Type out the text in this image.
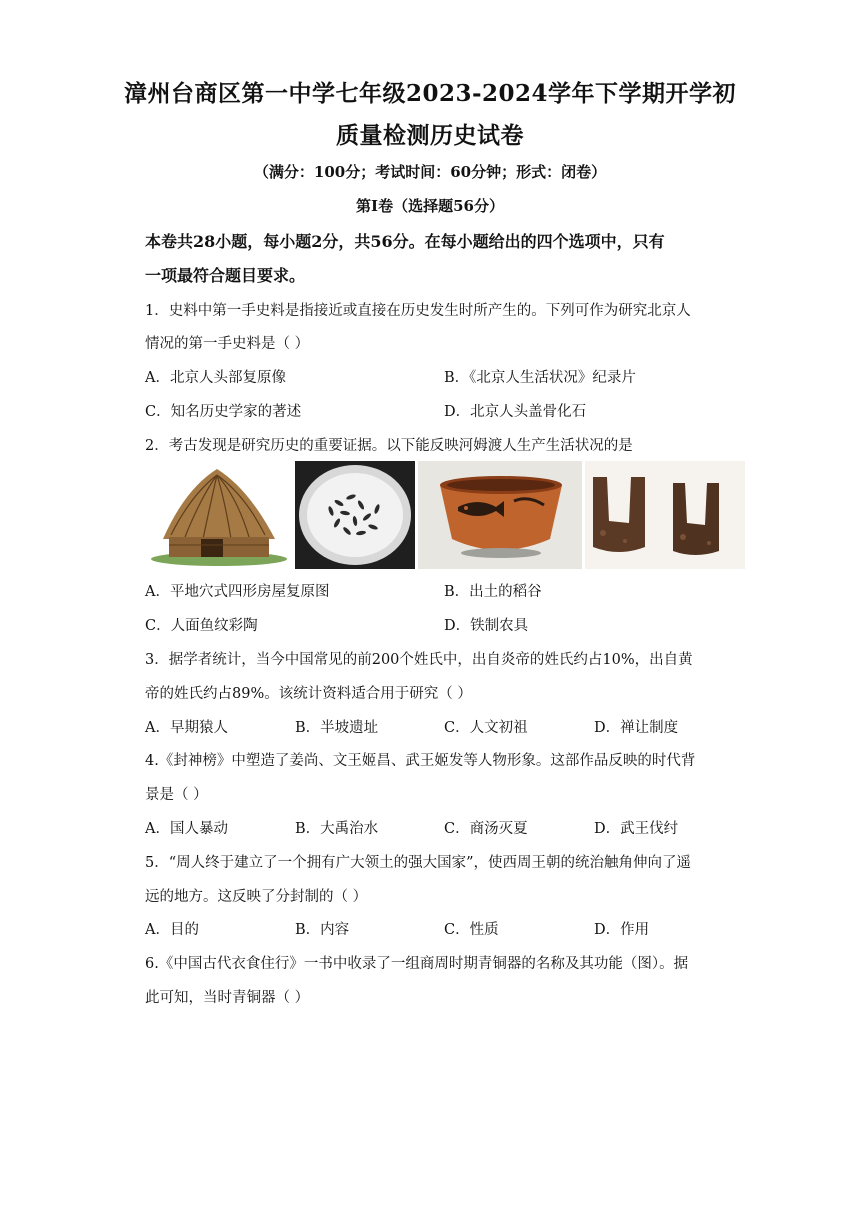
漳州台商区第一中学七年级2023-2024学年下学期开学初
质量检测历史试卷
（满分：100分；考试时间：60分钟；形式：闭卷）
第Ⅰ卷（选择题56分）
本卷共28小题，每小题2分，共56分。在每小题给出的四个选项中，只有
一项最符合题目要求。
1．史料中第一手史料是指接近或直接在历史发生时所产生的。下列可作为研究北京人
情况的第一手史料是（ ）
A．北京人头部复原像	B．《北京人生活状况》纪录片
C．知名历史学家的著述	D．北京人头盖骨化石
2．考古发现是研究历史的重要证据。以下能反映河姆渡人生产生活状况的是
A．平地穴式四形房屋复原图	B．出土的稻谷
C．人面鱼纹彩陶	D．铁制农具
3．据学者统计，当今中国常见的前200个姓氏中，出自炎帝的姓氏约占10%，出自黄
帝的姓氏约占89%。该统计资料适合用于研究（ ）
A．早期猿人	B．半坡遗址	C．人文初祖	D．禅让制度
4.《封神榜》中塑造了姜尚、文王姬昌、武王姬发等人物形象。这部作品反映的时代背
景是（ ）
A．国人暴动	B．大禹治水	C．商汤灭夏	D．武王伐纣
5．“周人终于建立了一个拥有广大领土的强大国家”，使西周王朝的统治触角伸向了遥
远的地方。这反映了分封制的（ ）
A．目的	B．内容	C．性质	D．作用
6.《中国古代衣食住行》一书中收录了一组商周时期青铜器的名称及其功能（图）。据
此可知，当时青铜器（ ）
